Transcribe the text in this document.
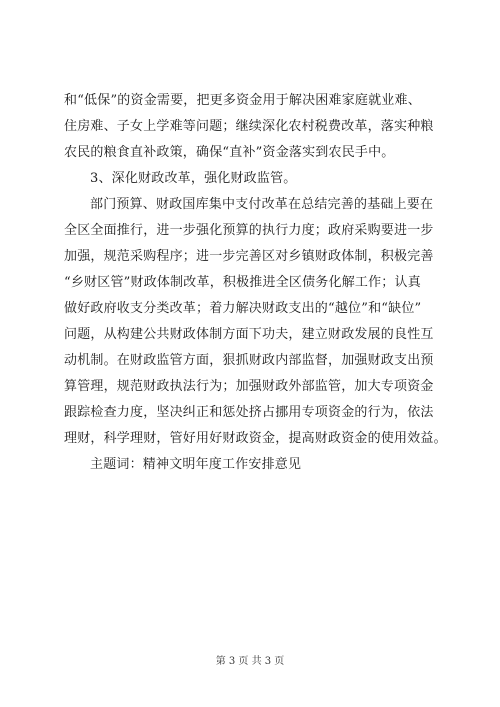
和“低保”的资金需要，把更多资金用于解决困难家庭就业难、
住房难、子女上学难等问题；继续深化农村税费改革，落实种粮
农民的粮食直补政策，确保“直补”资金落实到农民手中。

3、深化财政改革，强化财政监管。

部门预算、财政国库集中支付改革在总结完善的基础上要在
全区全面推行，进一步强化预算的执行力度；政府采购要进一步
加强，规范采购程序；进一步完善区对乡镇财政体制，积极完善
“乡财区管”财政体制改革，积极推进全区债务化解工作；认真
做好政府收支分类改革；着力解决财政支出的“越位”和“缺位”
问题，从构建公共财政体制方面下功夫，建立财政发展的良性互
动机制。在财政监管方面，狠抓财政内部监督，加强财政支出预
算管理，规范财政执法行为；加强财政外部监管，加大专项资金
跟踪检查力度，坚决纠正和惩处挤占挪用专项资金的行为，依法
理财，科学理财，管好用好财政资金，提高财政资金的使用效益。

主题词：精神文明年度工作安排意见

第 3 页 共 3 页
